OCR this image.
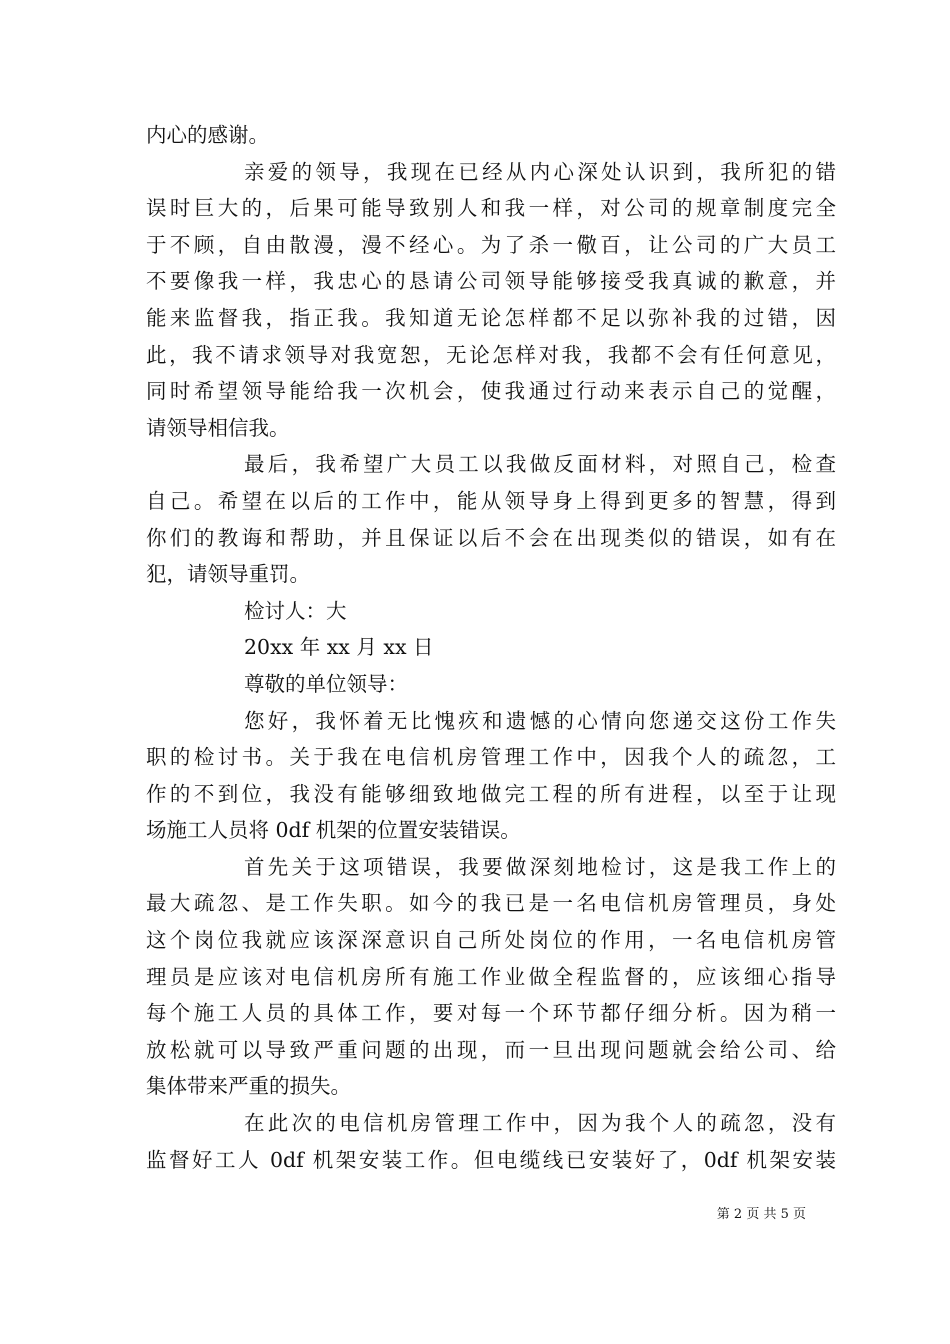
内心的感谢。
亲爱的领导，我现在已经从内心深处认识到，我所犯的错
误时巨大的，后果可能导致别人和我一样，对公司的规章制度完全
于不顾，自由散漫，漫不经心。为了杀一儆百，让公司的广大员工
不要像我一样，我忠心的恳请公司领导能够接受我真诚的歉意，并
能来监督我，指正我。我知道无论怎样都不足以弥补我的过错，因
此，我不请求领导对我宽恕，无论怎样对我，我都不会有任何意见，
同时希望领导能给我一次机会，使我通过行动来表示自己的觉醒，
请领导相信我。
最后，我希望广大员工以我做反面材料，对照自己，检查
自己。希望在以后的工作中，能从领导身上得到更多的智慧，得到
你们的教诲和帮助，并且保证以后不会在出现类似的错误，如有在
犯，请领导重罚。
检讨人：大
20xx 年 xx 月 xx 日
尊敬的单位领导：
您好，我怀着无比愧疚和遗憾的心情向您递交这份工作失
职的检讨书。关于我在电信机房管理工作中，因我个人的疏忽，工
作的不到位，我没有能够细致地做完工程的所有进程，以至于让现
场施工人员将 0df 机架的位置安装错误。
首先关于这项错误，我要做深刻地检讨，这是我工作上的
最大疏忽、是工作失职。如今的我已是一名电信机房管理员，身处
这个岗位我就应该深深意识自己所处岗位的作用，一名电信机房管
理员是应该对电信机房所有施工作业做全程监督的，应该细心指导
每个施工人员的具体工作，要对每一个环节都仔细分析。因为稍一
放松就可以导致严重问题的出现，而一旦出现问题就会给公司、给
集体带来严重的损失。
在此次的电信机房管理工作中，因为我个人的疏忽，没有
监督好工人 0df 机架安装工作。但电缆线已安装好了，0df 机架安装
第 2 页 共 5 页
